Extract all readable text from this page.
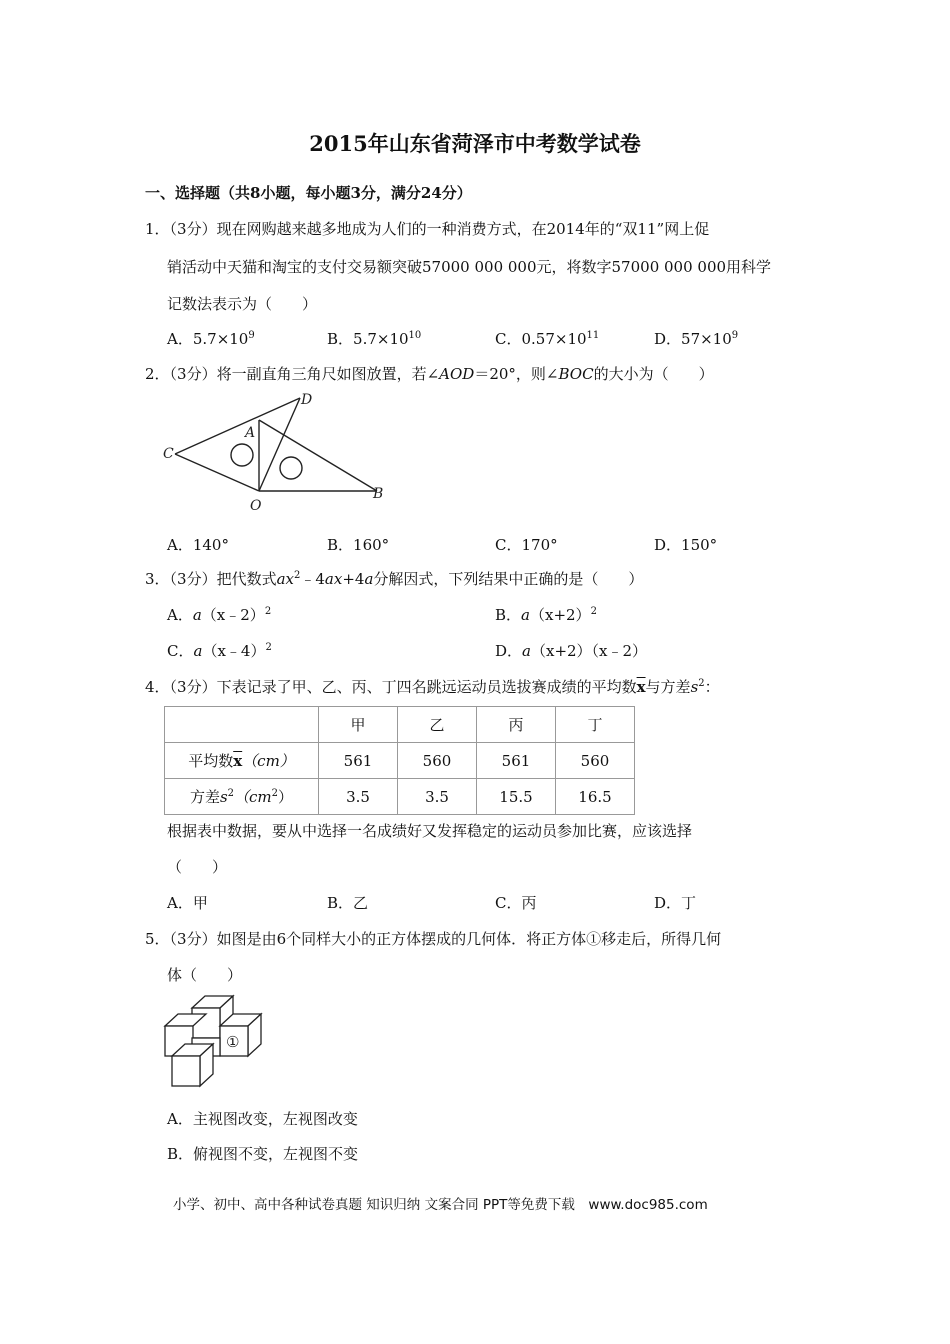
2015年山东省菏泽市中考数学试卷
一、选择题（共8小题，每小题3分，满分24分）
1．（3分）现在网购越来越多地成为人们的一种消费方式，在2014年的“双11”网上促
销活动中天猫和淘宝的支付交易额突破57000 000 000元，将数字57000 000 000用科学
记数法表示为（　　）
A．$5.7\times 10^9$	B．$5.7\times 10^{10}$	C．$0.57\times 10^{11}$	D．$57\times 10^9$
2．（3分）将一副直角三角尺如图放置，若∠AOD＝20°，则∠BOC的大小为（　　）
C
A
D
O
B
A．140°	B．160°	C．170°	D．150°
3．（3分）把代数式$ax^2﹣4ax+4a$分解因式，下列结果中正确的是（　　）
A．a（x﹣2）$^2$	B．$a(x+2)^2$
C．a（x﹣4）$^2$	D．a（x+2）（x﹣2）
4．（3分）下表记录了甲、乙、丙、丁四名跳远运动员选拔赛成绩的平均数$\overline{x}$与方差$s^2$：
	甲	乙	丙	丁
平均数$\overline{x}(cm)$	561	560	561	560
方差$s^2(cm^2)$	3.5	3.5	15.5	16.5
根据表中数据，要从中选择一名成绩好又发挥稳定的运动员参加比赛，应该选择
（　　）
A．甲	B．乙	C．丙	D．丁
5．（3分）如图是由6个同样大小的正方体摆成的几何体．将正方体①移走后，所得几何
体（　　）
①
A．主视图改变，左视图改变
B．俯视图不变，左视图不变
小学、初中、高中各种试卷真题 知识归纳 文案合同 PPT等免费下载　www.doc985.com
